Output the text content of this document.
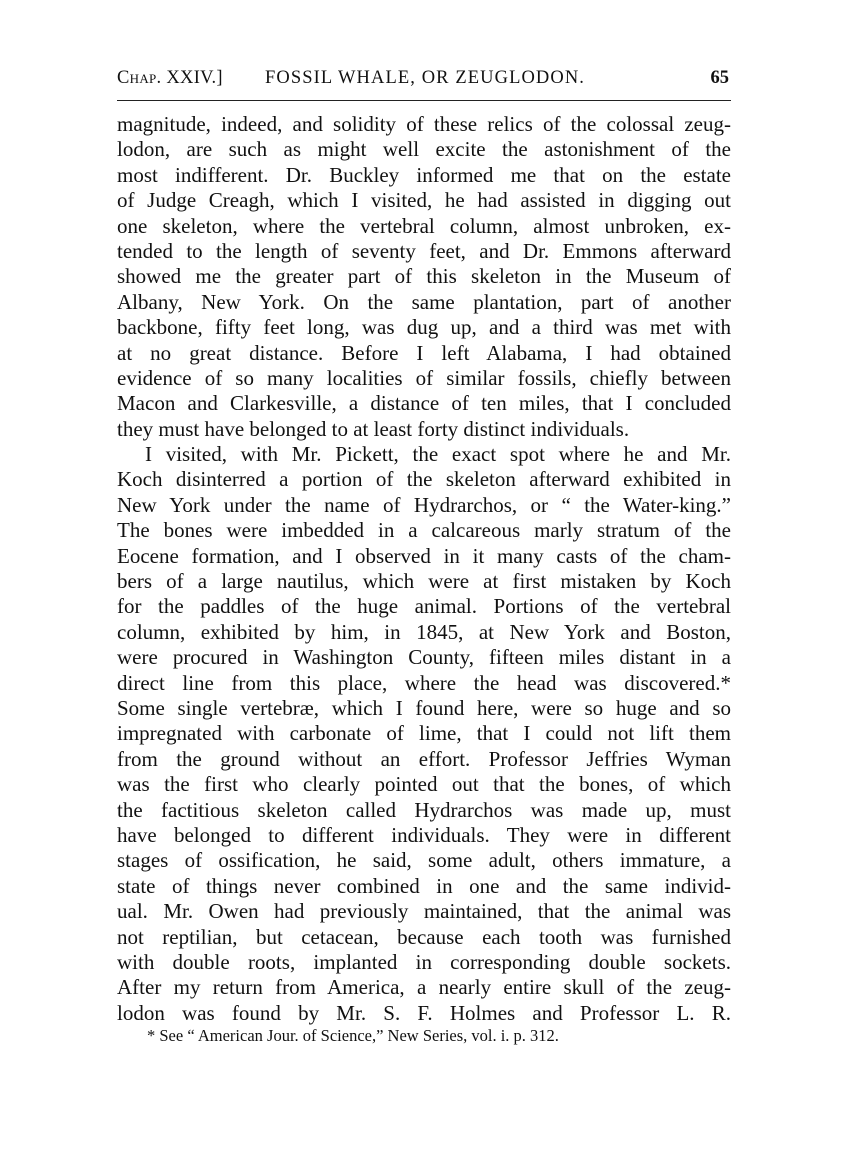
Chap. XXIV.] FOSSIL WHALE, OR ZEUGLODON.	65
magnitude, indeed, and solidity of these relics of the colossal zeug-
lodon, are such as might well excite the astonishment of the
most indifferent. Dr. Buckley informed me that on the estate
of Judge Creagh, which I visited, he had assisted in digging out
one skeleton, where the vertebral column, almost unbroken, ex-
tended to the length of seventy feet, and Dr. Emmons afterward
showed me the greater part of this skeleton in the Museum of
Albany, New York. On the same plantation, part of another
backbone, fifty feet long, was dug up, and a third was met with
at no great distance. Before I left Alabama, I had obtained
evidence of so many localities of similar fossils, chiefly between
Macon and Clarkesville, a distance of ten miles, that I concluded
they must have belonged to at least forty distinct individuals.
I visited, with Mr. Pickett, the exact spot where he and Mr.
Koch disinterred a portion of the skeleton afterward exhibited in
New York under the name of Hydrarchos, or “ the Water-king.”
The bones were imbedded in a calcareous marly stratum of the
Eocene formation, and I observed in it many casts of the cham-
bers of a large nautilus, which were at first mistaken by Koch
for the paddles of the huge animal. Portions of the vertebral
column, exhibited by him, in 1845, at New York and Boston,
were procured in Washington County, fifteen miles distant in a
direct line from this place, where the head was discovered.*
Some single vertebræ, which I found here, were so huge and so
impregnated with carbonate of lime, that I could not lift them
from the ground without an effort. Professor Jeffries Wyman
was the first who clearly pointed out that the bones, of which
the factitious skeleton called Hydrarchos was made up, must
have belonged to different individuals. They were in different
stages of ossification, he said, some adult, others immature, a
state of things never combined in one and the same individ-
ual. Mr. Owen had previously maintained, that the animal was
not reptilian, but cetacean, because each tooth was furnished
with double roots, implanted in corresponding double sockets.
After my return from America, a nearly entire skull of the zeug-
lodon was found by Mr. S. F. Holmes and Professor L. R.
* See “ American Jour. of Science,” New Series, vol. i. p. 312.
